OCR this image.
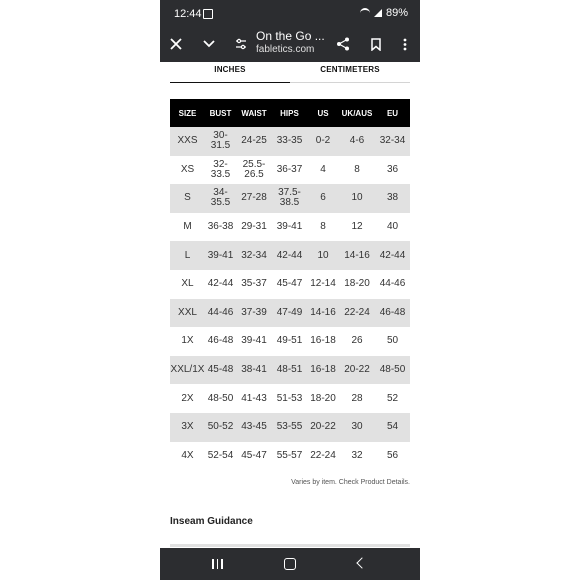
12:44	89%
On the Go ...
fabletics.com
INCHES	CENTIMETERS
SIZE	BUST	WAIST	HIPS	US	UK/AUS	EU
XXS	30-31.5	24-25	33-35	0-2	4-6	32-34
XS	32-33.5	25.5-26.5	36-37	4	8	36
S	34-35.5	27-28	37.5-38.5	6	10	38
M	36-38	29-31	39-41	8	12	40
L	39-41	32-34	42-44	10	14-16	42-44
XL	42-44	35-37	45-47	12-14	18-20	44-46
XXL	44-46	37-39	47-49	14-16	22-24	46-48
1X	46-48	39-41	49-51	16-18	26	50
XXL/1X	45-48	38-41	48-51	16-18	20-22	48-50
2X	48-50	41-43	51-53	18-20	28	52
3X	50-52	43-45	53-55	20-22	30	54
4X	52-54	45-47	55-57	22-24	32	56
Varies by item. Check Product Details.
Inseam Guidance
